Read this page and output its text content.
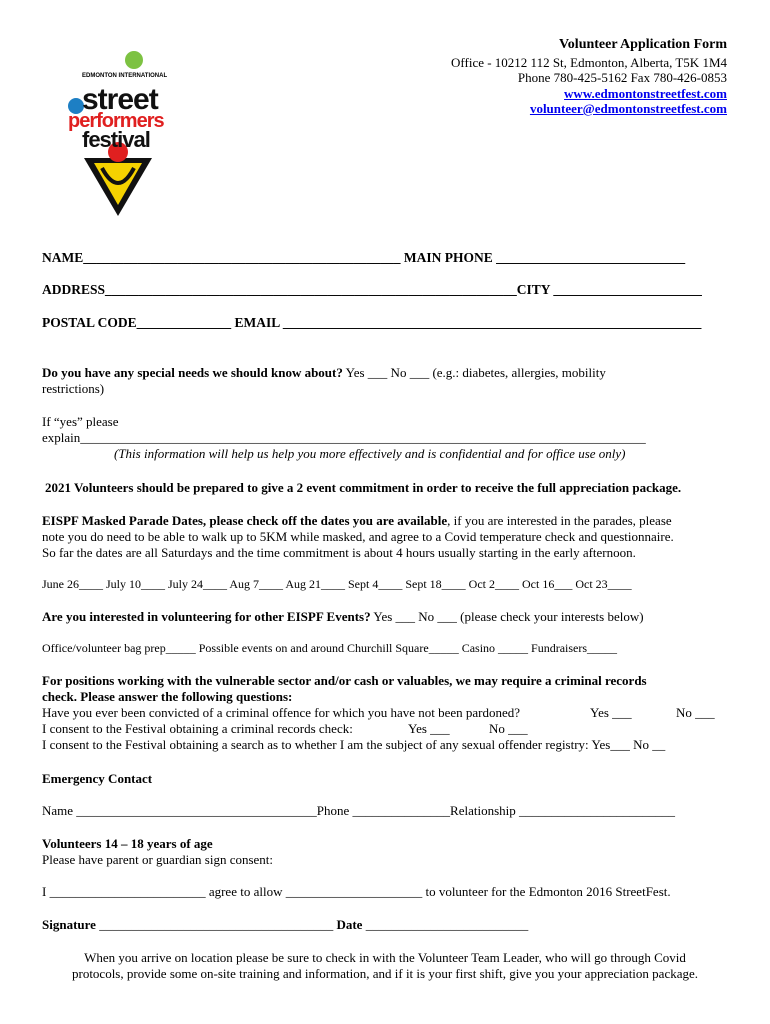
EDMONTON INTERNATIONAL
street
performers
festival
Volunteer Application Form
Office - 10212 112 St, Edmonton, Alberta, T5K 1M4
Phone 780-425-5162 Fax 780-426-0853
www.edmontonstreetfest.com
volunteer@edmontonstreetfest.com
NAME_______________________________________________ MAIN PHONE ____________________________
ADDRESS_____________________________________________________________CITY ______________________
POSTAL CODE______________ EMAIL ______________________________________________________________
Do you have any special needs we should know about? Yes ___ No ___ (e.g.: diabetes, allergies, mobility
restrictions)
If “yes” please
explain_______________________________________________________________________________________
(This information will help us help you more effectively and is confidential and for office use only)
2021 Volunteers should be prepared to give a 2 event commitment in order to receive the full appreciation package.
EISPF Masked Parade Dates, please check off the dates you are available, if you are interested in the parades, please
note you do need to be able to walk up to 5KM while masked, and agree to a Covid temperature check and questionnaire.
So far the dates are all Saturdays and the time commitment is about 4 hours usually starting in the early afternoon.
June 26____ July 10____ July 24____ Aug 7____ Aug 21____ Sept 4____ Sept 18____ Oct 2____ Oct 16___ Oct 23____
Are you interested in volunteering for other EISPF Events? Yes ___ No ___ (please check your interests below)
Office/volunteer bag prep_____ Possible events on and around Churchill Square_____ Casino _____ Fundraisers_____
For positions working with the vulnerable sector and/or cash or valuables, we may require a criminal records
check. Please answer the following questions:
Have you ever been convicted of a criminal offence for which you have not been pardoned?	Yes ___	No ___
I consent to the Festival obtaining a criminal records check:	Yes ___	No ___
I consent to the Festival obtaining a search as to whether I am the subject of any sexual offender registry: Yes___ No __
Emergency Contact
Name _____________________________________Phone _______________Relationship ________________________
Volunteers 14 – 18 years of age
Please have parent or guardian sign consent:
I ________________________ agree to allow _____________________ to volunteer for the Edmonton 2016 StreetFest.
Signature ____________________________________ Date _________________________
When you arrive on location please be sure to check in with the Volunteer Team Leader, who will go through Covid
protocols, provide some on-site training and information, and if it is your first shift, give you your appreciation package.
